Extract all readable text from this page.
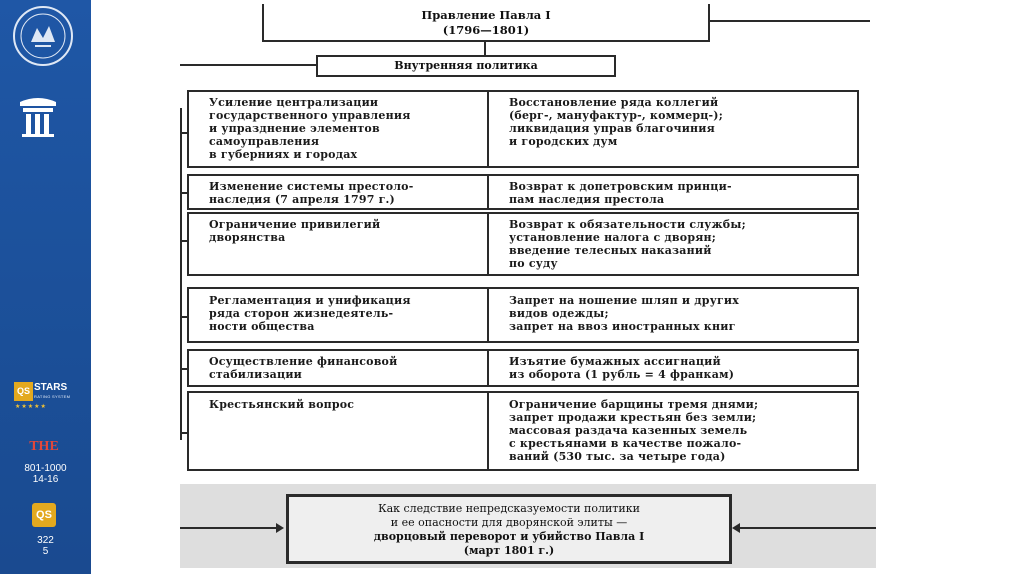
QS STARS
RATING SYSTEM
★★★★★
THE
801-1000
14-16
QS
322
5
Правление Павла I
(1796—1801)
Внутренняя политика
Усиление централизации
государственного управления
и упразднение элементов
самоуправления
в губерниях и городах
Восстановление ряда коллегий
(берг-, мануфактур-, коммерц-);
ликвидация управ благочиния
и городских дум
Изменение системы престоло-
наследия (7 апреля 1797 г.)
Возврат к допетровским принци-
пам наследия престола
Ограничение привилегий
дворянства
Возврат к обязательности службы;
установление налога с дворян;
введение телесных наказаний
по суду
Регламентация и унификация
ряда сторон жизнедеятель-
ности общества
Запрет на ношение шляп и других
видов одежды;
запрет на ввоз иностранных книг
Осуществление финансовой
стабилизации
Изъятие бумажных ассигнаций
из оборота (1 рубль = 4 франкам)
Крестьянский вопрос	Ограничение барщины тремя днями;
запрет продажи крестьян без земли;
массовая раздача казенных земель
с крестьянами в качестве пожало-
ваний (530 тыс. за четыре года)
Как следствие непредсказуемости политики
и ее опасности для дворянской элиты —
дворцовый переворот и убийство Павла I
(март 1801 г.)
